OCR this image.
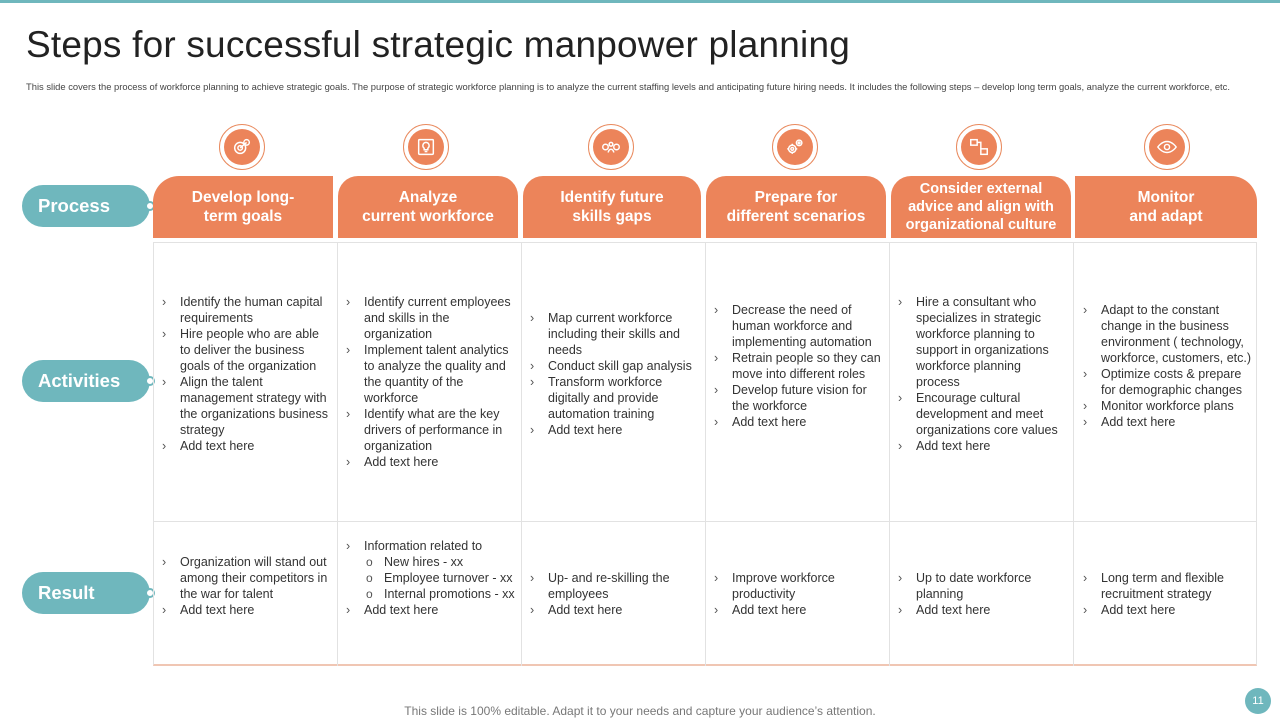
Steps for successful strategic manpower planning

This slide covers the process of workforce planning to achieve strategic goals. The purpose of strategic workforce planning is to analyze the current staffing levels and anticipating future hiring needs. It includes the following steps – develop long term goals, analyze the current workforce, etc.

Process
Activities
Result
Develop long-
term goals
Analyze
current workforce
Identify future
skills gaps
Prepare for
different scenarios
Consider external
advice and align with
organizational culture
Monitor
and adapt
› Identify the human capital requirements
› Hire people who are able to deliver the business goals of the organization
› Align the talent management strategy with the organizations business strategy
› Add text here
› Identify current employees and skills in the organization
› Implement talent analytics to analyze the quality and the quantity of the workforce
› Identify what are the key drivers of performance in organization
› Add text here
› Map current workforce including their skills and needs
› Conduct skill gap analysis
› Transform workforce digitally and provide automation training
› Add text here
› Decrease the need of human workforce and implementing automation
› Retrain people so they can move into different roles
› Develop future vision for the workforce
› Add text here
› Hire a consultant who specializes in strategic workforce planning to support in organizations workforce planning process
› Encourage cultural development and meet organizations core values
› Add text here
› Adapt to the constant change in the business environment ( technology, workforce, customers, etc.)
› Optimize costs & prepare for demographic changes
› Monitor workforce plans
› Add text here
› Organization will stand out among their competitors in the war for talent
› Add text here
› Information related to
o New hires - xx
o Employee turnover - xx
o Internal promotions - xx
› Add text here
› Up- and re-skilling the employees
› Add text here
› Improve workforce productivity
› Add text here
› Up to date workforce planning
› Add text here
› Long term and flexible recruitment strategy
› Add text here
This slide is 100% editable. Adapt it to your needs and capture your audience’s attention.
11
